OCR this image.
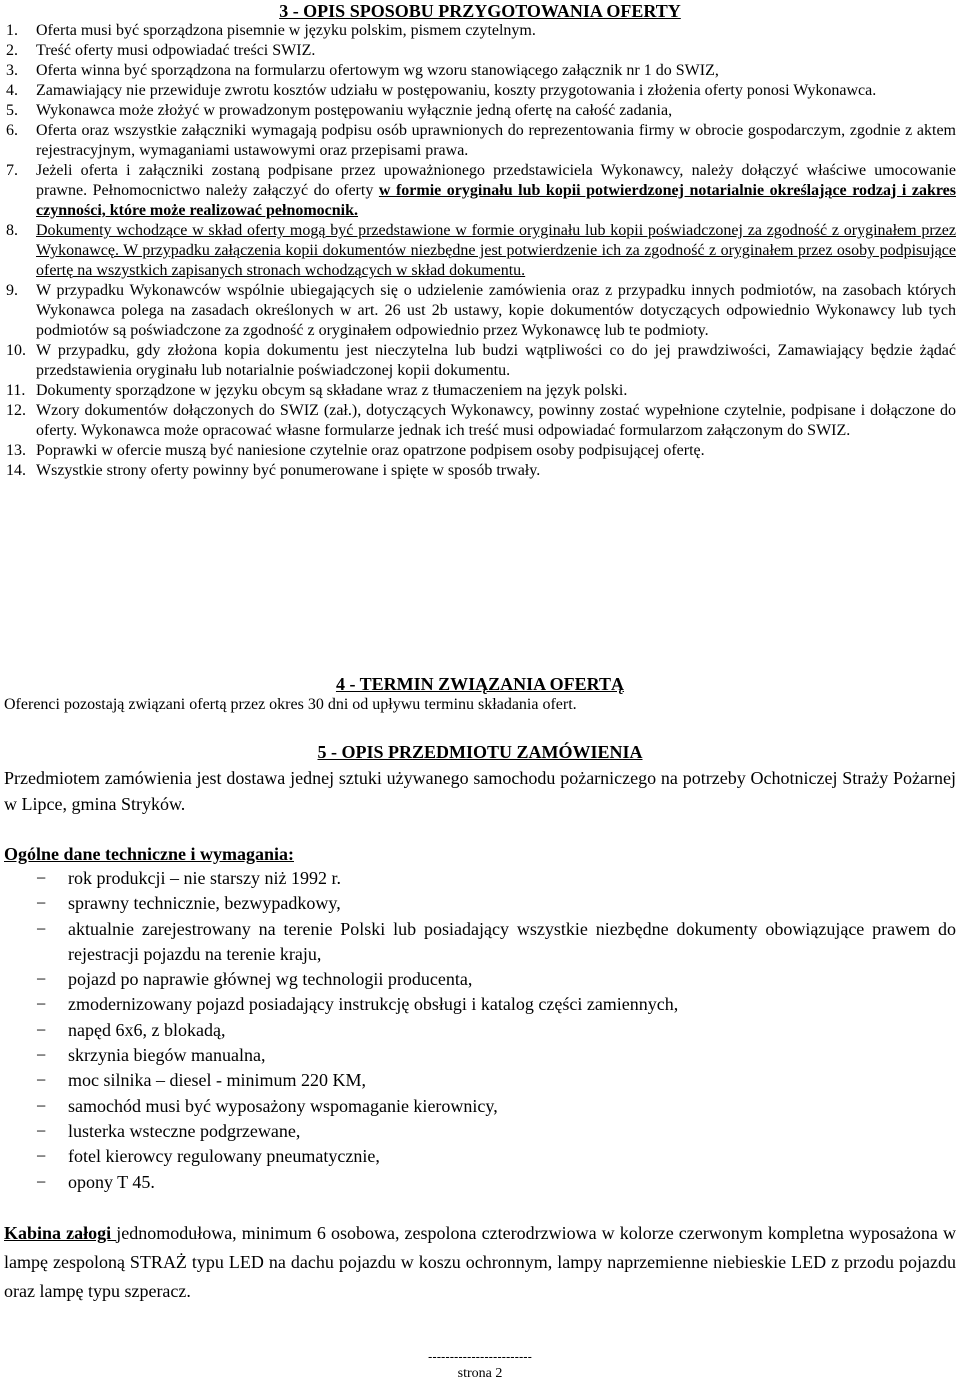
3 - OPIS SPOSOBU PRZYGOTOWANIA OFERTY
1. Oferta musi być sporządzona pisemnie w języku polskim, pismem czytelnym.
2. Treść oferty musi odpowiadać treści SWIZ.
3. Oferta winna być sporządzona na formularzu ofertowym wg wzoru stanowiącego załącznik nr 1 do SWIZ,
4. Zamawiający nie przewiduje zwrotu kosztów udziału w postępowaniu, koszty przygotowania i złożenia oferty ponosi Wykonawca.
5. Wykonawca może złożyć w prowadzonym postępowaniu wyłącznie jedną ofertę na całość zadania,
6. Oferta oraz wszystkie załączniki wymagają podpisu osób uprawnionych do reprezentowania firmy w obrocie gospodarczym, zgodnie z aktem rejestracyjnym, wymaganiami ustawowymi oraz przepisami prawa.
7. Jeżeli oferta i załączniki zostaną podpisane przez upoważnionego przedstawiciela Wykonawcy, należy dołączyć właściwe umocowanie prawne. Pełnomocnictwo należy załączyć do oferty w formie oryginału lub kopii potwierdzonej notarialnie określające rodzaj i zakres czynności, które może realizować pełnomocnik.
8. Dokumenty wchodzące w skład oferty mogą być przedstawione w formie oryginału lub kopii poświadczonej za zgodność z oryginałem przez Wykonawcę. W przypadku załączenia kopii dokumentów niezbędne jest potwierdzenie ich za zgodność z oryginałem przez osoby podpisujące ofertę na wszystkich zapisanych stronach wchodzących w skład dokumentu.
9. W przypadku Wykonawców wspólnie ubiegających się o udzielenie zamówienia oraz z przypadku innych podmiotów, na zasobach których Wykonawca polega na zasadach określonych w art. 26 ust 2b ustawy, kopie dokumentów dotyczących odpowiednio Wykonawcy lub tych podmiotów są poświadczone za zgodność z oryginałem odpowiednio przez Wykonawcę lub te podmioty.
10. W przypadku, gdy złożona kopia dokumentu jest nieczytelna lub budzi wątpliwości co do jej prawdziwości, Zamawiający będzie żądać przedstawienia oryginału lub notarialnie poświadczonej kopii dokumentu.
11. Dokumenty sporządzone w języku obcym są składane wraz z tłumaczeniem na język polski.
12. Wzory dokumentów dołączonych do SWIZ (zał.), dotyczących Wykonawcy, powinny zostać wypełnione czytelnie, podpisane i dołączone do oferty. Wykonawca może opracować własne formularze jednak ich treść musi odpowiadać formularzom załączonym do SWIZ.
13. Poprawki w ofercie muszą być naniesione czytelnie oraz opatrzone podpisem osoby podpisującej ofertę.
14. Wszystkie strony oferty powinny być ponumerowane i spięte w sposób trwały.
4 - TERMIN ZWIĄZANIA OFERTĄ
Oferenci pozostają związani ofertą przez okres 30 dni od upływu terminu składania ofert.
5 - OPIS PRZEDMIOTU ZAMÓWIENIA
Przedmiotem zamówienia jest dostawa jednej sztuki używanego samochodu pożarniczego na potrzeby Ochotniczej Straży Pożarnej w Lipce, gmina Stryków.
Ogólne dane techniczne i wymagania:
− rok produkcji – nie starszy niż 1992 r.
− sprawny technicznie, bezwypadkowy,
− aktualnie zarejestrowany na terenie Polski lub posiadający wszystkie niezbędne dokumenty obowiązujące prawem do rejestracji pojazdu na terenie kraju,
− pojazd po naprawie głównej wg technologii producenta,
− zmodernizowany pojazd posiadający instrukcję obsługi i katalog części zamiennych,
− napęd 6x6, z blokadą,
− skrzynia biegów manualna,
− moc silnika – diesel - minimum 220 KM,
− samochód musi być wyposażony wspomaganie kierownicy,
− lusterka wsteczne podgrzewane,
− fotel kierowcy regulowany pneumatycznie,
− opony T 45.
Kabina załogi jednomodułowa, minimum 6 osobowa, zespolona czterodrzwiowa w kolorze czerwonym kompletna wyposażona w lampę zespoloną STRAŻ typu LED na dachu pojazdu w koszu ochronnym, lampy naprzemienne niebieskie LED z przodu pojazdu oraz lampę typu szperacz.
------------------------
strona 2
